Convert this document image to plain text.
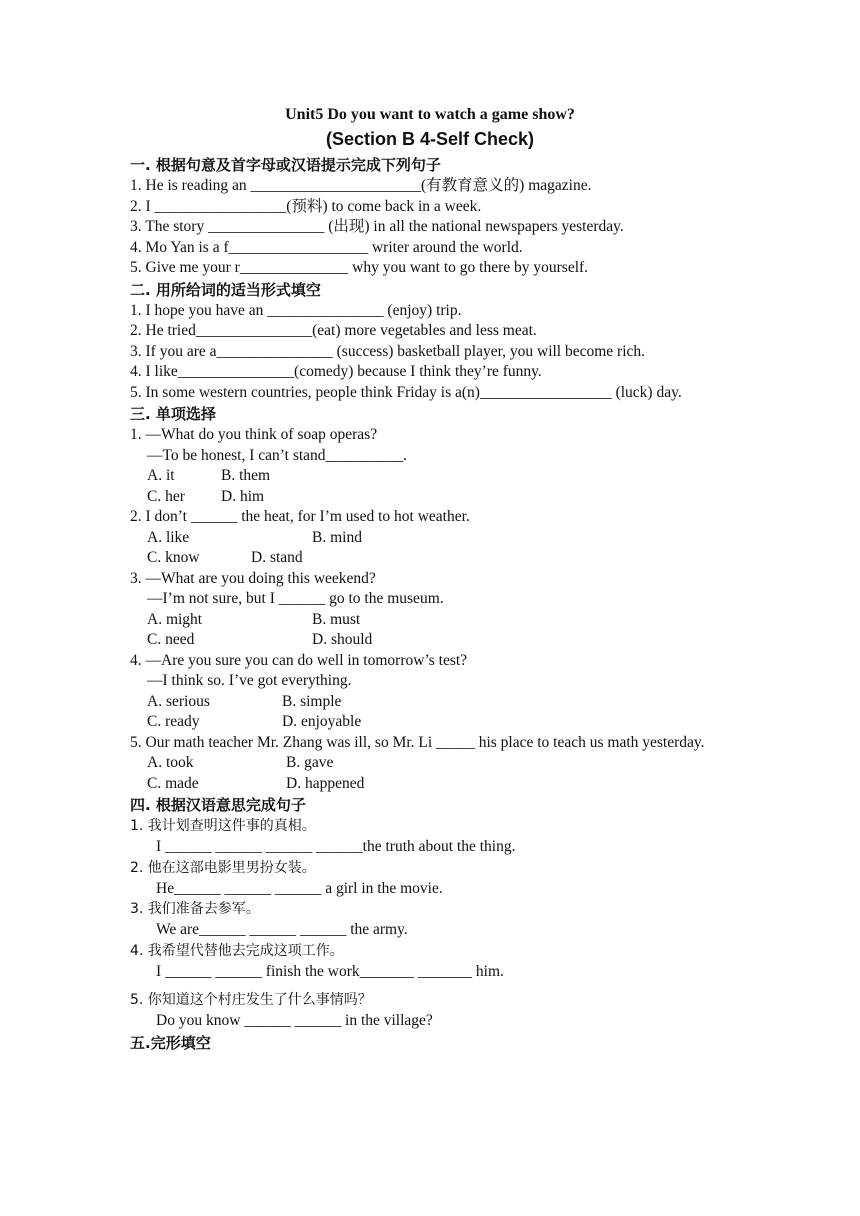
Unit5 Do you want to watch a game show?
(Section B 4-Self Check)
一. 根据句意及首字母或汉语提示完成下列句子
1. He is reading an ______________________(有教育意义的) magazine.
2. I _________________(预料) to come back in a week.
3. The story _______________ (出现) in all the national newspapers yesterday.
4. Mo Yan is a f__________________ writer around the world.
5. Give me your r______________ why you want to go there by yourself.
二. 用所给词的适当形式填空
1. I hope you have an _______________ (enjoy) trip.
2. He tried_______________(eat) more vegetables and less meat.
3. If you are a_______________ (success) basketball player, you will become rich.
4. I like_______________(comedy) because I think they’re funny.
5. In some western countries, people think Friday is a(n)_________________ (luck) day.
三. 单项选择
1. —What do you think of soap operas?
—To be honest, I can’t stand__________.
A. it	B. them
C. her D. him
2. I don’t ______ the heat, for I’m used to hot weather.
A. like	B. mind
C. know	D. stand
3. —What are you doing this weekend?
—I’m not sure, but I ______ go to the museum.
A. might	B. must
C. need	D. should
4. —Are you sure you can do well in tomorrow’s test?
—I think so. I’ve got everything.
A. serious	B. simple
C. ready	D. enjoyable
5. Our math teacher Mr. Zhang was ill, so Mr. Li _____ his place to teach us math yesterday.
A. took	B. gave
C. made	D. happened
四. 根据汉语意思完成句子
1. 我计划查明这件事的真相。
I ______ ______ ______ ______the truth about the thing.
2. 他在这部电影里男扮女装。
He______ ______ ______ a girl in the movie.
3. 我们准备去参军。
We are______ ______ ______ the army.
4. 我希望代替他去完成这项工作。
I ______ ______ finish the work_______ _______ him.
5. 你知道这个村庄发生了什么事情吗？
Do you know ______ ______ in the village?
五.完形填空
